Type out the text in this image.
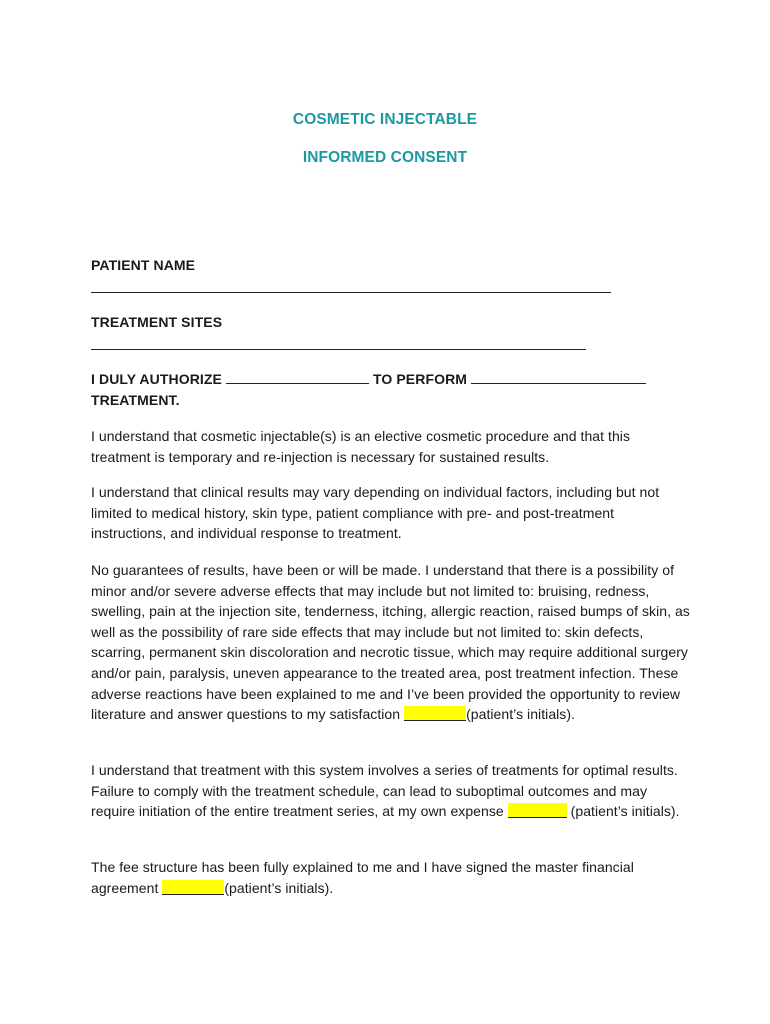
COSMETIC INJECTABLE
INFORMED CONSENT
PATIENT NAME
TREATMENT SITES
I DULY AUTHORIZE	TO PERFORM
TREATMENT.
I understand that cosmetic injectable(s) is an elective cosmetic procedure and that this treatment is temporary and re-injection is necessary for sustained results.
I understand that clinical results may vary depending on individual factors, including but not limited to medical history, skin type, patient compliance with pre- and post-treatment instructions, and individual response to treatment.
No guarantees of results, have been or will be made. I understand that there is a possibility of minor and/or severe adverse effects that may include but not limited to: bruising, redness, swelling, pain at the injection site, tenderness, itching, allergic reaction, raised bumps of skin, as well as the possibility of rare side effects that may include but not limited to: skin defects, scarring, permanent skin discoloration and necrotic tissue, which may require additional surgery and/or pain, paralysis, uneven appearance to the treated area, post treatment infection. These adverse reactions have been explained to me and I’ve been provided the opportunity to review literature and answer questions to my satisfaction	(patient’s initials).
I understand that treatment with this system involves a series of treatments for optimal results. Failure to comply with the treatment schedule, can lead to suboptimal outcomes and may require initiation of the entire treatment series, at my own expense	(patient’s initials).
The fee structure has been fully explained to me and I have signed the master financial agreement	(patient’s initials).
